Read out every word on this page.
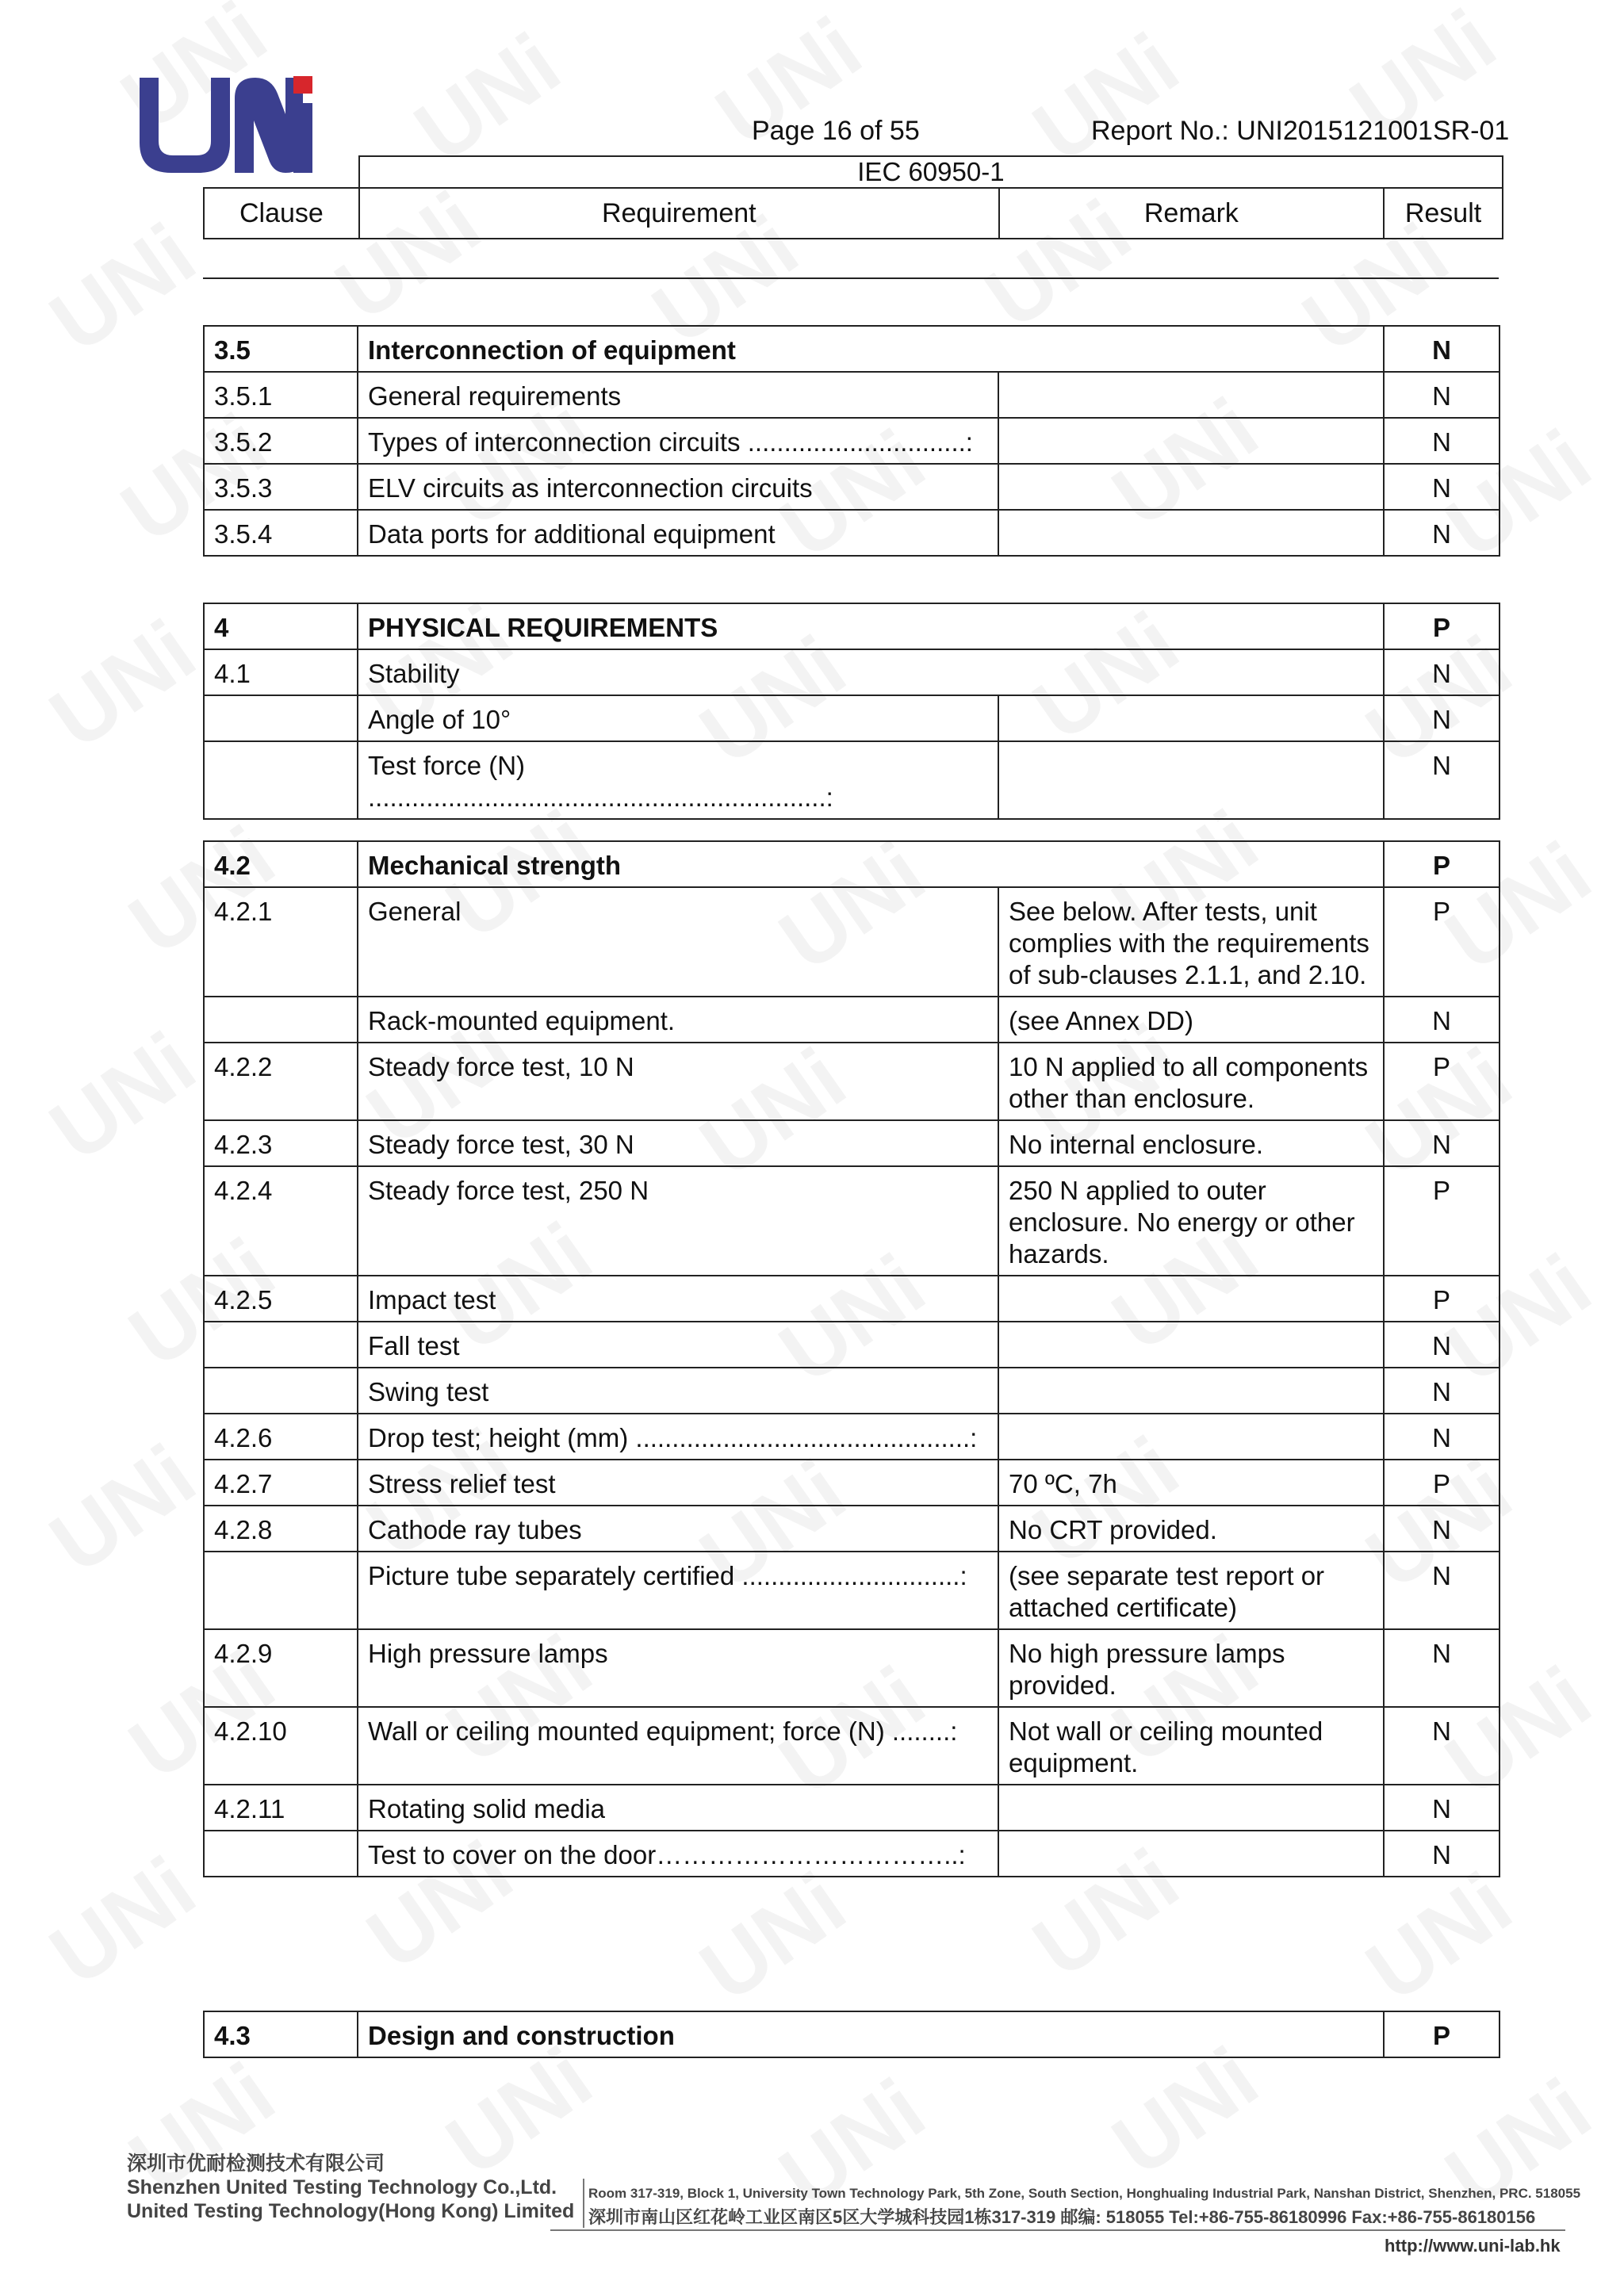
Page 16 of 55	Report No.: UNI2015121001SR-01
	IEC 60950-1		
Clause	Requirement	Remark	Result
3.5	Interconnection of equipment		N
3.5.1	General requirements		N
3.5.2	Types of interconnection circuits ..............................:		N
3.5.3	ELV circuits as interconnection circuits		N
3.5.4	Data ports for additional equipment		N
4	PHYSICAL REQUIREMENTS		P
4.1	Stability		N
	Angle of 10°		N
	Test force (N) ...............................................................:		N
4.2	Mechanical strength		P
4.2.1	General	See below. After tests, unit complies with the requirements of sub-clauses 2.1.1, and 2.10.	P
	Rack-mounted equipment.	(see Annex DD)	N
4.2.2	Steady force test, 10 N	10 N applied to all components other than enclosure.	P
4.2.3	Steady force test, 30 N	No internal enclosure.	N
4.2.4	Steady force test, 250 N	250 N applied to outer enclosure. No energy or other hazards.	P
4.2.5	Impact test		P
	Fall test		N
	Swing test		N
4.2.6	Drop test; height (mm) ..............................................:		N
4.2.7	Stress relief test	70 ºC, 7h	P
4.2.8	Cathode ray tubes	No CRT provided.	N
	Picture tube separately certified ..............................:	(see separate test report or attached certificate)	N
4.2.9	High pressure lamps	No high pressure lamps provided.	N
4.2.10	Wall or ceiling mounted equipment; force (N) ........:	Not wall or ceiling mounted equipment.	N
4.2.11	Rotating solid media		N
	Test to cover on the door……………………………..:		N
4.3	Design and construction	P
深圳市优耐检测技术有限公司
Shenzhen United Testing Technology Co.,Ltd.
United Testing Technology(Hong Kong) Limited
Room 317-319, Block 1, University Town Technology Park, 5th Zone, South Section, Honghualing Industrial Park, Nanshan District, Shenzhen, PRC. 518055
深圳市南山区红花岭工业区南区5区大学城科技园1栋317-319 邮编: 518055 Tel:+86-755-86180996 Fax:+86-755-86180156
http://www.uni-lab.hk
